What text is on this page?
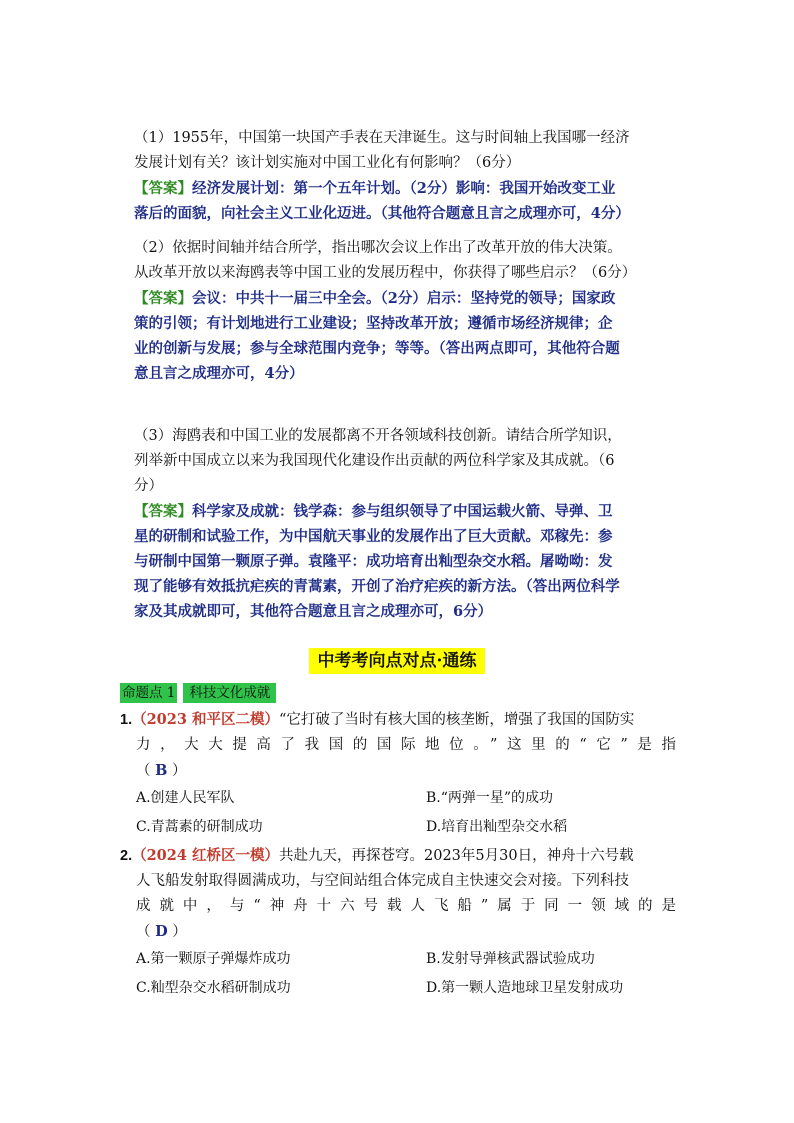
（1）1955年，中国第一块国产手表在天津诞生。这与时间轴上我国哪一经济

发展计划有关？该计划实施对中国工业化有何影响？（6分）

【答案】经济发展计划：第一个五年计划。（2分）影响：我国开始改变工业

落后的面貌，向社会主义工业化迈进。（其他符合题意且言之成理亦可，4分）

（2）依据时间轴并结合所学，指出哪次会议上作出了改革开放的伟大决策。

从改革开放以来海鸥表等中国工业的发展历程中，你获得了哪些启示？（6分）

【答案】会议：中共十一届三中全会。（2分）启示：坚持党的领导；国家政

策的引领；有计划地进行工业建设；坚持改革开放；遵循市场经济规律；企

业的创新与发展；参与全球范围内竞争；等等。（答出两点即可，其他符合题

意且言之成理亦可，4分）

（3）海鸥表和中国工业的发展都离不开各领域科技创新。请结合所学知识，

列举新中国成立以来为我国现代化建设作出贡献的两位科学家及其成就。（6

分）

【答案】科学家及成就：钱学森：参与组织领导了中国运载火箭、导弹、卫

星的研制和试验工作，为中国航天事业的发展作出了巨大贡献。邓稼先：参

与研制中国第一颗原子弹。袁隆平：成功培育出籼型杂交水稻。屠呦呦：发

现了能够有效抵抗疟疾的青蒿素，开创了治疗疟疾的新方法。（答出两位科学

家及其成就即可，其他符合题意且言之成理亦可，6分）

中考考向点对点·通练
命题点 1	科技文化成就

1.（2023 和平区二模）“它打破了当时有核大国的核垄断，增强了我国的国防实

力，大大提高了我国的国际地位。”这里的“它”是指

（ B ）

A.创建人民军队	B.“两弹一星”的成功
C.青蒿素的研制成功	D.培育出籼型杂交水稻

2.（2024 红桥区一模）共赴九天，再探苍穹。2023年5月30日，神舟十六号载

人飞船发射取得圆满成功，与空间站组合体完成自主快速交会对接。下列科技

成就中，与“神舟十六号载人飞船”属于同一领域的是

（ D ）

A.第一颗原子弹爆炸成功	B.发射导弹核武器试验成功
C.籼型杂交水稻研制成功	D.第一颗人造地球卫星发射成功
